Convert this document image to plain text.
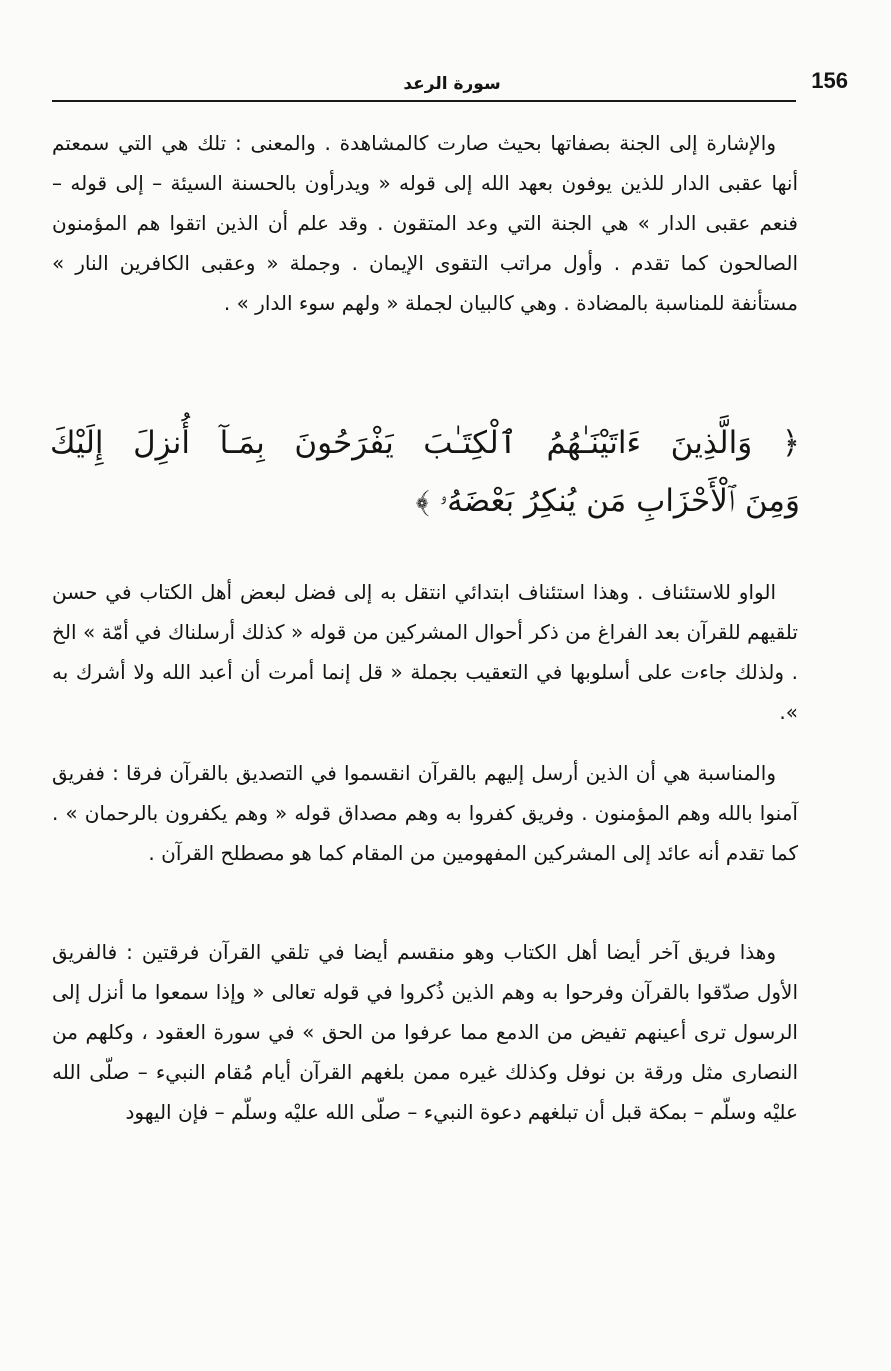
156
سورة الرعد

والإشارة إلى الجنة بصفاتها بحيث صارت كالمشاهدة . والمعنى : تلك هي التي سمعتم أنها عقبى الدار للذين يوفون بعهد الله إلى قوله « ويدرأون بالحسنة السيئة – إلى قوله – فنعم عقبى الدار » هي الجنة التي وعد المتقون . وقد علم أن الذين اتقوا هم المؤمنون الصالحون كما تقدم . وأول مراتب التقوى الإيمان . وجملة « وعقبى الكافرين النار » مستأنفة للمناسبة بالمضادة . وهي كالبيان لجملة « ولهم سوء الدار » .

﴿ وَالَّذِينَ ءَاتَيْنَـٰهُمُ ٱلْكِتَـٰبَ يَفْرَحُونَ بِمَـآ أُنزِلَ إِلَيْكَ
وَمِنَ ٱلْأَحْزَابِ مَن يُنكِرُ بَعْضَهُۥ ﴾

الواو للاستئناف . وهذا استئناف ابتدائي انتقل به إلى فضل لبعض أهل الكتاب في حسن تلقيهم للقرآن بعد الفراغ من ذكر أحوال المشركين من قوله « كذلك أرسلناك في أمّة » الخ . ولذلك جاءت على أسلوبها في التعقيب بجملة « قل إنما أمرت أن أعبد الله ولا أشرك به ».

والمناسبة هي أن الذين أرسل إليهم بالقرآن انقسموا في التصديق بالقرآن فرقا : ففريق آمنوا بالله وهم المؤمنون . وفريق كفروا به وهم مصداق قوله « وهم يكفرون بالرحمان » . كما تقدم أنه عائد إلى المشركين المفهومين من المقام كما هو مصطلح القرآن .

وهذا فريق آخر أيضا أهل الكتاب وهو منقسم أيضا في تلقي القرآن فرقتين : فالفريق الأول صدّقوا بالقرآن وفرحوا به وهم الذين ذُكروا في قوله تعالى « وإذا سمعوا ما أنزل إلى الرسول ترى أعينهم تفيض من الدمع مما عرفوا من الحق » في سورة العقود ، وكلهم من النصارى مثل ورقة بن نوفل وكذلك غيره ممن بلغهم القرآن أيام مُقام النبيء – صلّى الله عليْه وسلّم – بمكة قبل أن تبلغهم دعوة النبيء – صلّى الله عليْه وسلّم – فإن اليهود
